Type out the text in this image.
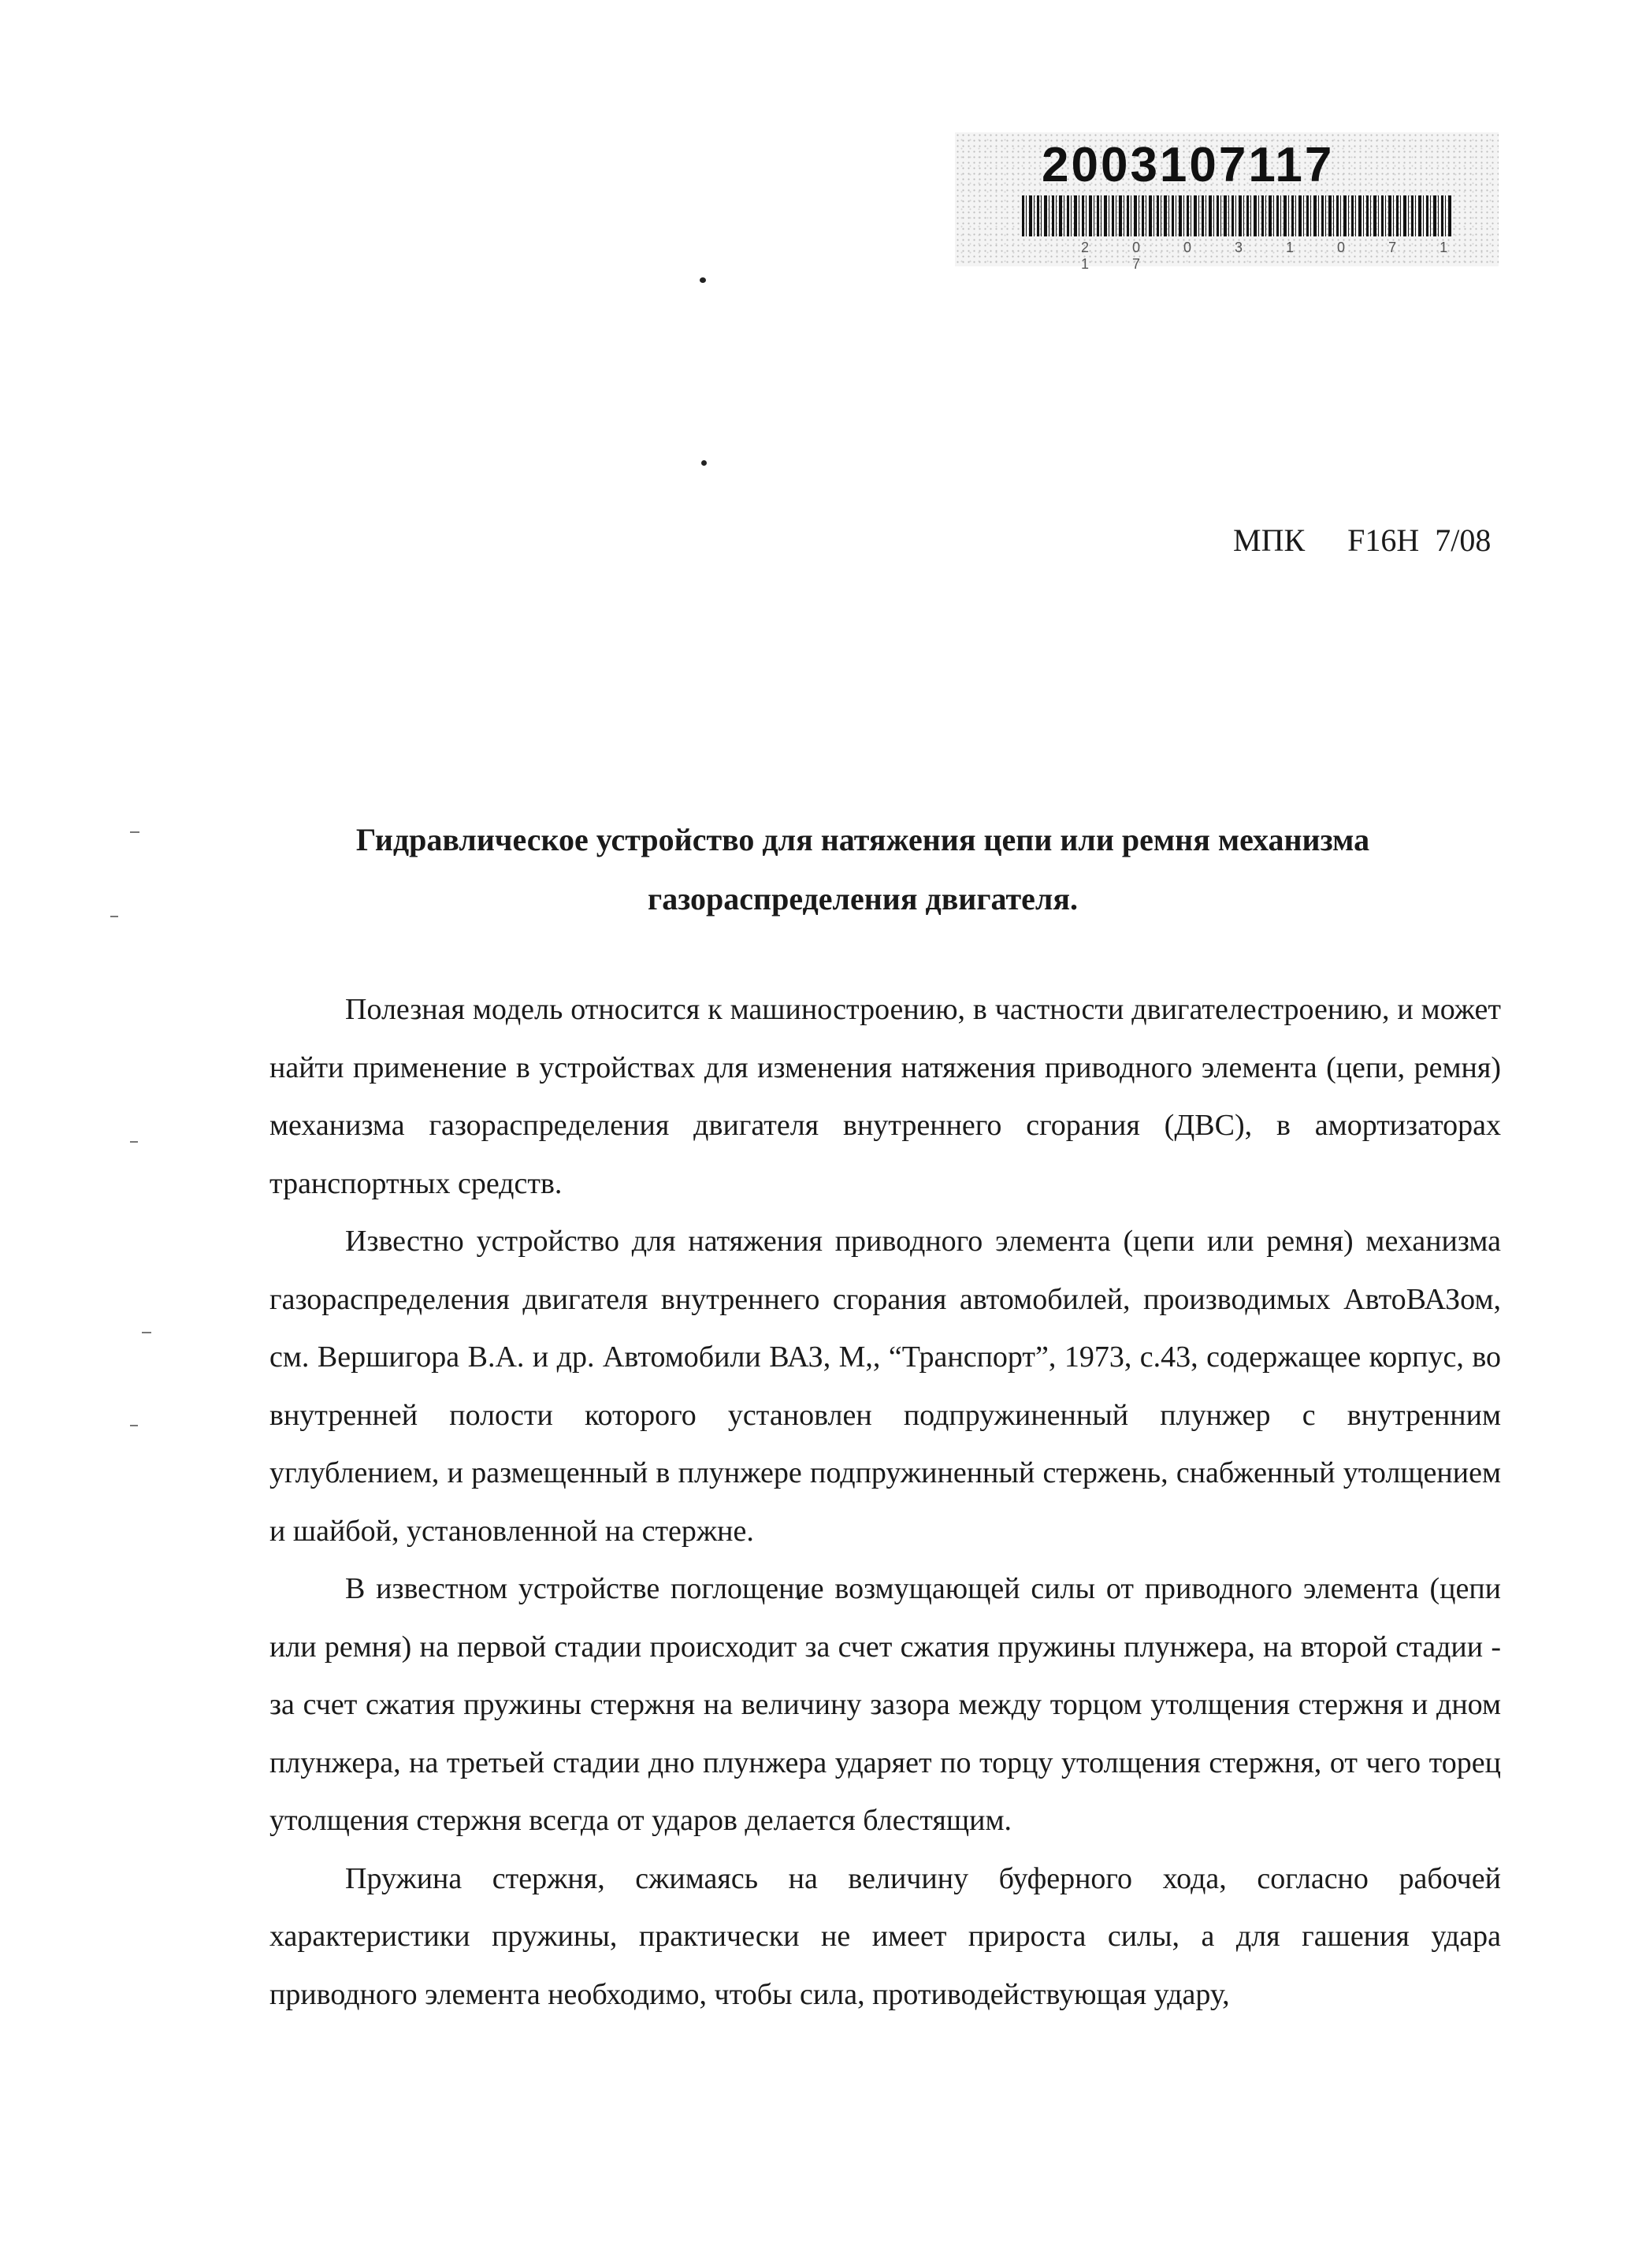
2003107117
2 0 0 3 1 0 7 1 1 7
МПК F16H  7/08
Гидравлическое устройство для натяжения цепи или ремня механизма газораспределения двигателя.

Полезная модель относится к машиностроению, в частности двигателестроению, и может найти применение в устройствах для изменения натяжения приводного элемента (цепи, ремня) механизма газораспределения двигателя внутреннего сгорания (ДВС), в амортизаторах транспортных средств.

Известно устройство для натяжения приводного элемента (цепи или ремня) механизма газораспределения двигателя внутреннего сгорания автомобилей, производимых АвтоВАЗом, см. Вершигора В.А. и др. Автомобили ВАЗ, М,, “Транспорт”, 1973, с.43, содержащее корпус, во внутренней полости которого установлен подпружиненный плунжер с внутренним углублением, и размещенный в плунжере подпружиненный стержень, снабженный утолщением и шайбой, установленной на стержне.

В известном устройстве поглощение возмущающей силы от приводного элемента (цепи или ремня) на первой стадии происходит за счет сжатия пружины плунжера, на второй стадии - за счет сжатия пружины стержня на величину зазора между торцом утолщения стержня и дном плунжера, на третьей стадии дно плунжера ударяет по торцу утолщения стержня, от чего торец утолщения стержня всегда от ударов делается блестящим.

Пружина стержня, сжимаясь на величину буферного хода, согласно рабочей характеристики пружины, практически не имеет прироста силы, а для гашения удара приводного элемента необходимо, чтобы сила, противодействующая удару,
